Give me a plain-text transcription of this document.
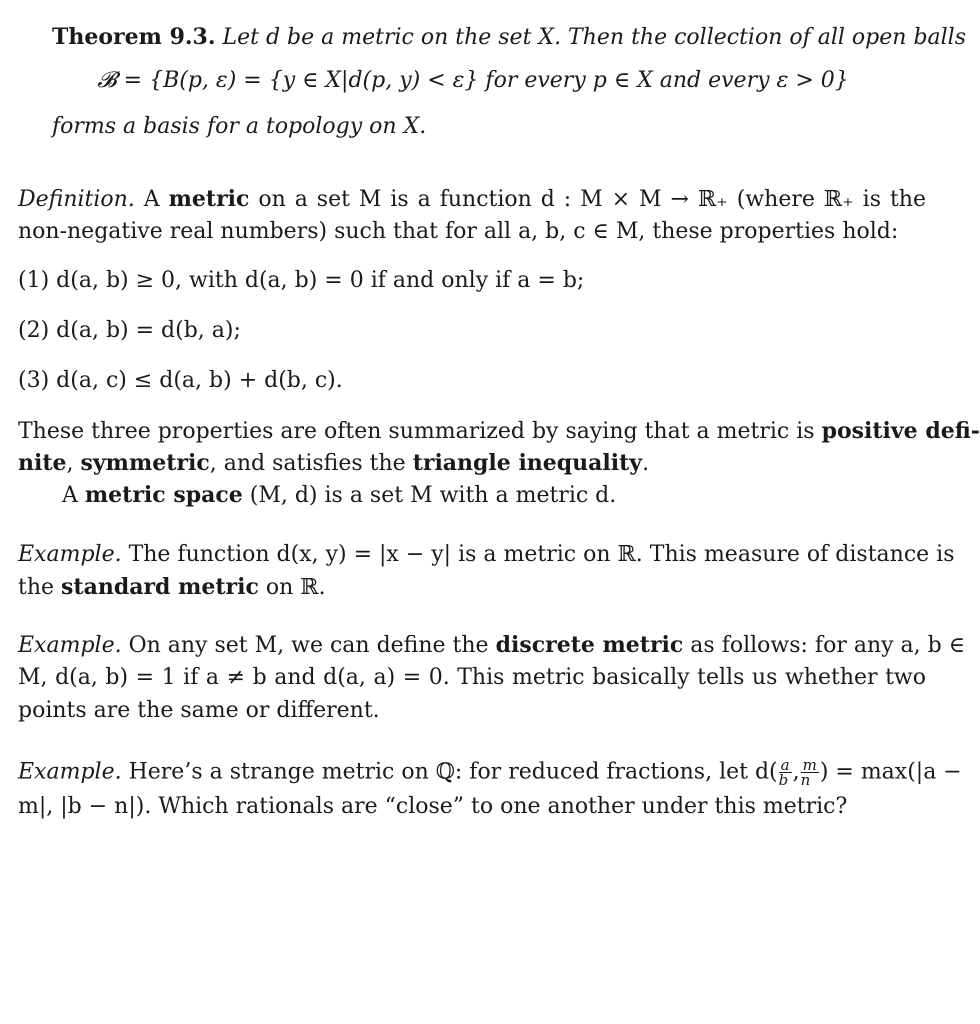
Theorem 9.3. Let d be a metric on the set X. Then the collection of all open balls
𝓑 = {B(p, ε) = {y ∈ X|d(p, y) < ε} for every p ∈ X and every ε > 0}
forms a basis for a topology on X.
Definition. A metric on a set M is a function d : M × M → ℝ₊ (where ℝ₊ is the
non-negative real numbers) such that for all a, b, c ∈ M, these properties hold:
(1) d(a, b) ≥ 0, with d(a, b) = 0 if and only if a = b;
(2) d(a, b) = d(b, a);
(3) d(a, c) ≤ d(a, b) + d(b, c).
These three properties are often summarized by saying that a metric is positive defi-
nite, symmetric, and satisfies the triangle inequality.
A metric space (M, d) is a set M with a metric d.
Example. The function d(x, y) = |x − y| is a metric on ℝ. This measure of distance is
the standard metric on ℝ.
Example. On any set M, we can define the discrete metric as follows: for any a, b ∈
M, d(a, b) = 1 if a ≠ b and d(a, a) = 0. This metric basically tells us whether two
points are the same or different.
Example. Here’s a strange metric on ℚ: for reduced fractions, let $d( \frac{a}{b}$ , $\frac{m}{n}$ ) = max(|a −
m|, |b − n|). Which rationals are “close” to one another under this metric?
